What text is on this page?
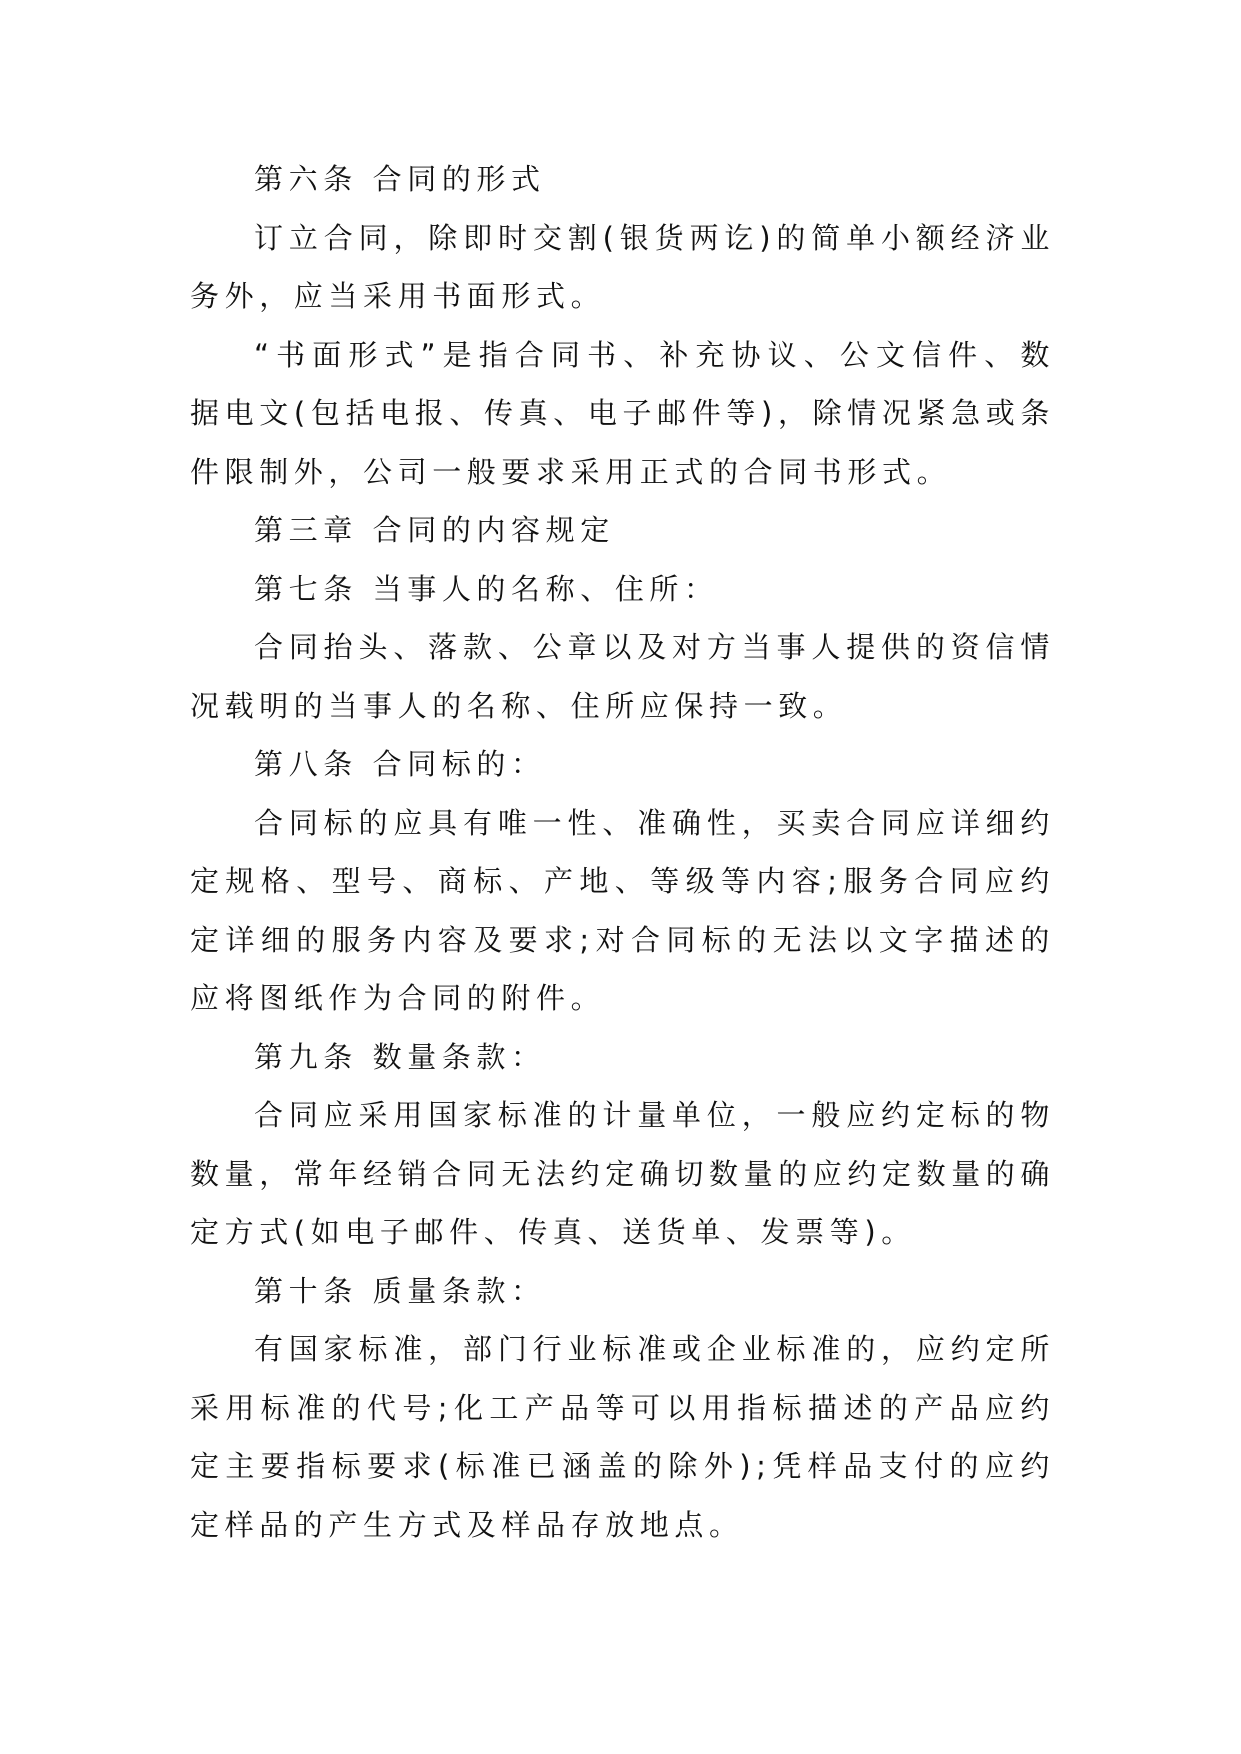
第六条 合同的形式

订立合同，除即时交割(银货两讫)的简单小额经济业务外，应当采用书面形式。

“书面形式”是指合同书、补充协议、公文信件、数据电文(包括电报、传真、电子邮件等)，除情况紧急或条件限制外，公司一般要求采用正式的合同书形式。

第三章 合同的内容规定

第七条 当事人的名称、住所：

合同抬头、落款、公章以及对方当事人提供的资信情况载明的当事人的名称、住所应保持一致。

第八条 合同标的：

合同标的应具有唯一性、准确性，买卖合同应详细约定规格、型号、商标、产地、等级等内容;服务合同应约定详细的服务内容及要求;对合同标的无法以文字描述的应将图纸作为合同的附件。

第九条 数量条款：

合同应采用国家标准的计量单位，一般应约定标的物数量，常年经销合同无法约定确切数量的应约定数量的确定方式(如电子邮件、传真、送货单、发票等)。

第十条 质量条款：

有国家标准，部门行业标准或企业标准的，应约定所采用标准的代号;化工产品等可以用指标描述的产品应约定主要指标要求(标准已涵盖的除外);凭样品支付的应约定样品的产生方式及样品存放地点。
